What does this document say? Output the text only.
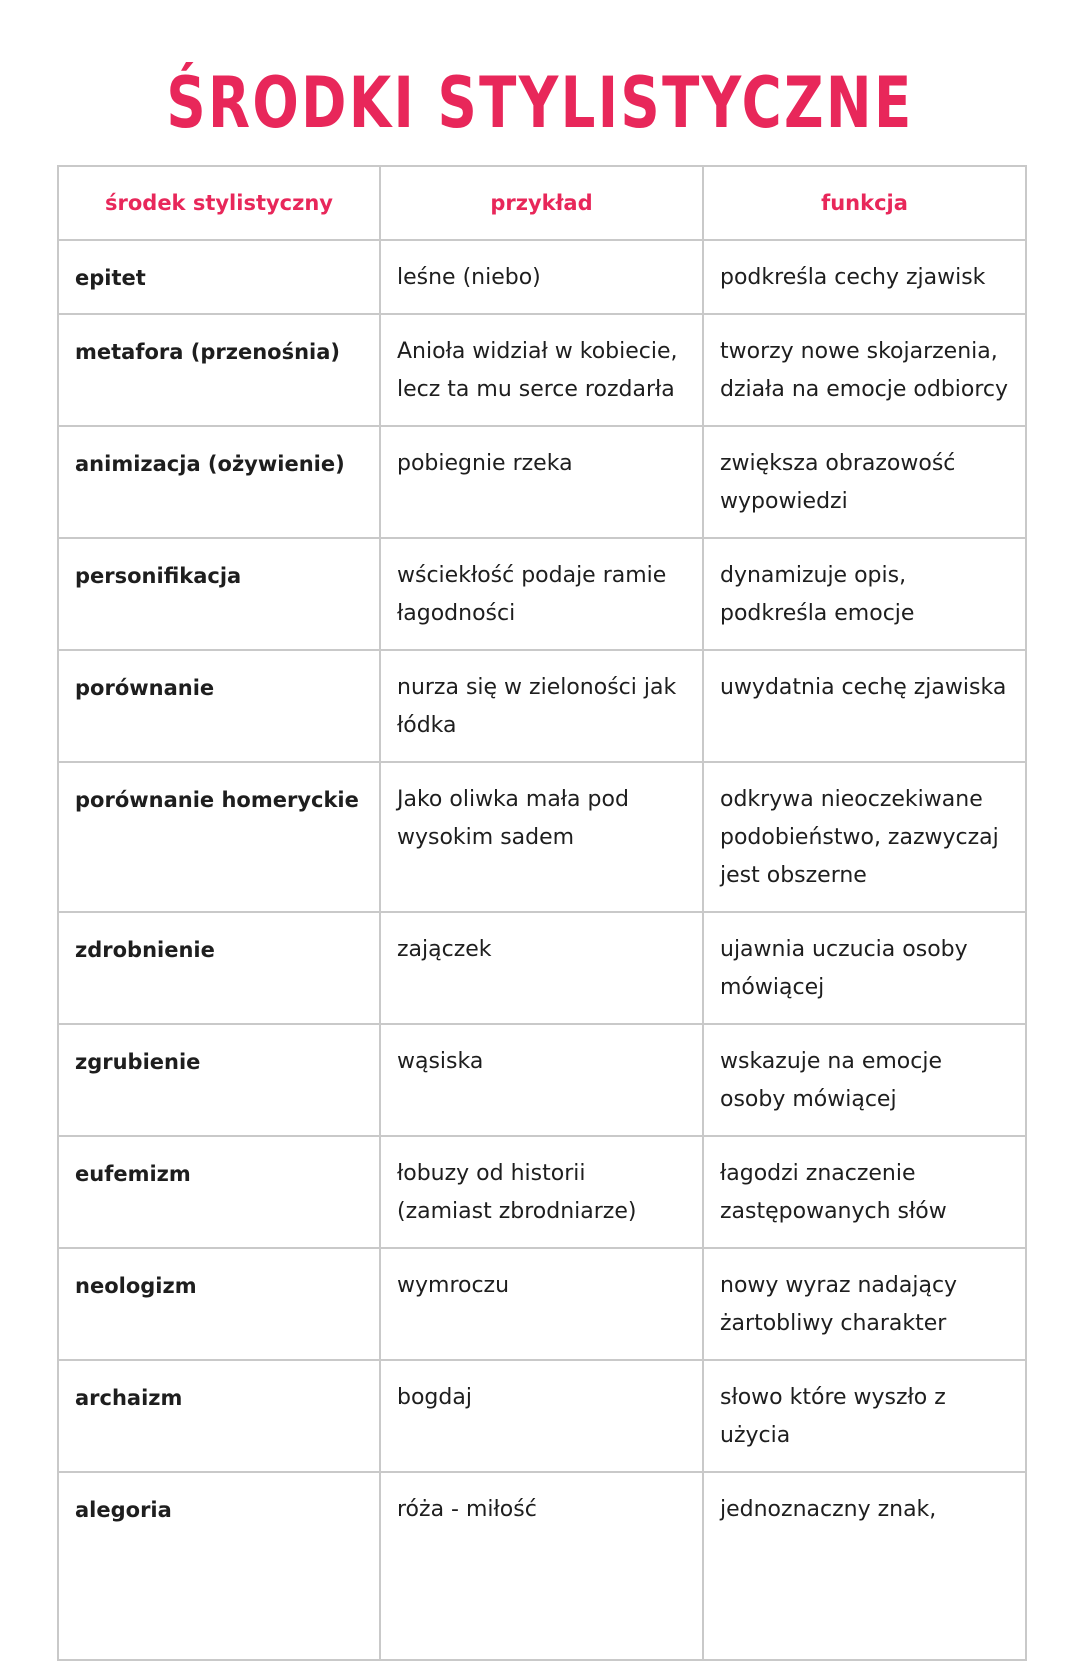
ŚRODKI STYLISTYCZNE
środek stylistyczny	przykład	funkcja
epitet	leśne (niebo)	podkreśla cechy zjawisk
metafora (przenośnia)	Anioła widział w kobiecie, lecz ta mu serce rozdarła	tworzy nowe skojarzenia, działa na emocje odbiorcy
animizacja (ożywienie)	pobiegnie rzeka	zwiększa obrazowość wypowiedzi
personifikacja	wściekłość podaje ramie łagodności	dynamizuje opis, podkreśla emocje
porównanie	nurza się w zieloności jak łódka	uwydatnia cechę zjawiska
porównanie homeryckie	Jako oliwka mała pod wysokim sadem	odkrywa nieoczekiwane podobieństwo, zazwyczaj jest obszerne
zdrobnienie	zajączek	ujawnia uczucia osoby mówiącej
zgrubienie	wąsiska	wskazuje na emocje osoby mówiącej
eufemizm	łobuzy od historii (zamiast zbrodniarze)	łagodzi znaczenie zastępowanych słów
neologizm	wymroczu	nowy wyraz nadający żartobliwy charakter
archaizm	bogdaj	słowo które wyszło z użycia
alegoria	róża - miłość	jednoznaczny znak,
